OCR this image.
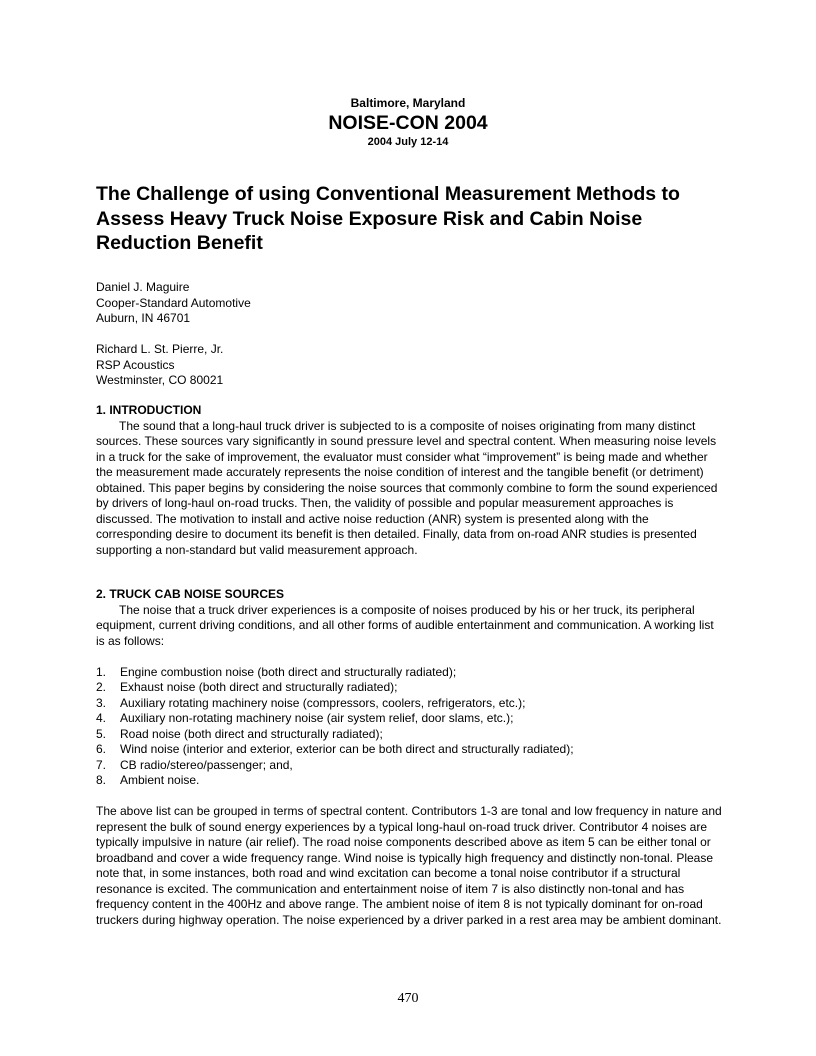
Baltimore, Maryland
NOISE-CON 2004
2004 July 12-14
The Challenge of using Conventional Measurement Methods to Assess Heavy Truck Noise Exposure Risk and Cabin Noise Reduction Benefit
Daniel J. Maguire
Cooper-Standard Automotive
Auburn, IN 46701
Richard L. St. Pierre, Jr.
RSP Acoustics
Westminster, CO 80021
1. INTRODUCTION

The sound that a long-haul truck driver is subjected to is a composite of noises originating from many distinct sources. These sources vary significantly in sound pressure level and spectral content. When measuring noise levels in a truck for the sake of improvement, the evaluator must consider what “improvement” is being made and whether the measurement made accurately represents the noise condition of interest and the tangible benefit (or detriment) obtained. This paper begins by considering the noise sources that commonly combine to form the sound experienced by drivers of long-haul on-road trucks. Then, the validity of possible and popular measurement approaches is discussed. The motivation to install and active noise reduction (ANR) system is presented along with the corresponding desire to document its benefit is then detailed. Finally, data from on-road ANR studies is presented supporting a non-standard but valid measurement approach.

2. TRUCK CAB NOISE SOURCES

The noise that a truck driver experiences is a composite of noises produced by his or her truck, its peripheral equipment, current driving conditions, and all other forms of audible entertainment and communication. A working list is as follows:

1.	Engine combustion noise (both direct and structurally radiated);
2.	Exhaust noise (both direct and structurally radiated);
3.	Auxiliary rotating machinery noise (compressors, coolers, refrigerators, etc.);
4.	Auxiliary non-rotating machinery noise (air system relief, door slams, etc.);
5.	Road noise (both direct and structurally radiated);
6.	Wind noise (interior and exterior, exterior can be both direct and structurally radiated);
7.	CB radio/stereo/passenger; and,
8.	Ambient noise.

The above list can be grouped in terms of spectral content. Contributors 1-3 are tonal and low frequency in nature and represent the bulk of sound energy experiences by a typical long-haul on-road truck driver. Contributor 4 noises are typically impulsive in nature (air relief). The road noise components described above as item 5 can be either tonal or broadband and cover a wide frequency range. Wind noise is typically high frequency and distinctly non-tonal. Please note that, in some instances, both road and wind excitation can become a tonal noise contributor if a structural resonance is excited. The communication and entertainment noise of item 7 is also distinctly non-tonal and has frequency content in the 400Hz and above range. The ambient noise of item 8 is not typically dominant for on-road truckers during highway operation. The noise experienced by a driver parked in a rest area may be ambient dominant.

470
